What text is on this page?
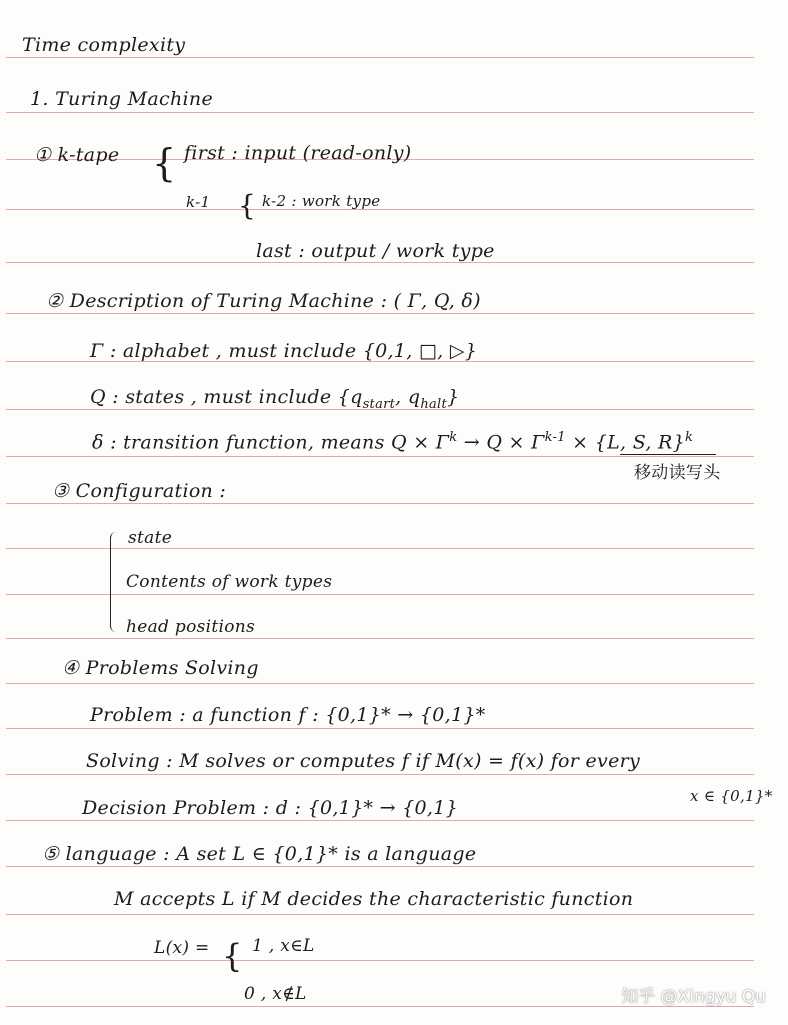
Time complexity
1. Turing Machine
① k-tape { first : input (read-only)
k-1 { k-2 : work type
last : output / work type
② Description of Turing Machine : ( Γ, Q, δ)
Γ : alphabet , must include {0,1, □, ▷}
Q : states , must include {$q_{start}$, $q_{halt}$}
δ : transition function, means $Q \times \Gamma^k \to Q \times \Gamma^{k-1} \times \{L$, S, R}$^k$
移动读写头
③ Configuration :
state
Contents of work types
head positions
④ Problems Solving
Problem : a function f : {0,1}* → {0,1}*
Solving : M solves or computes f if M(x) = f(x) for every
x ∈ {0,1}*
Decision Problem : d : {0,1}* → {0,1}
⑤ language : A set L ∈ {0,1}* is a language
M accepts L if M decides the characteristic function
L(x) = { 1 , x∈L
0 , x∉L	知乎 @Xingyu Qu
